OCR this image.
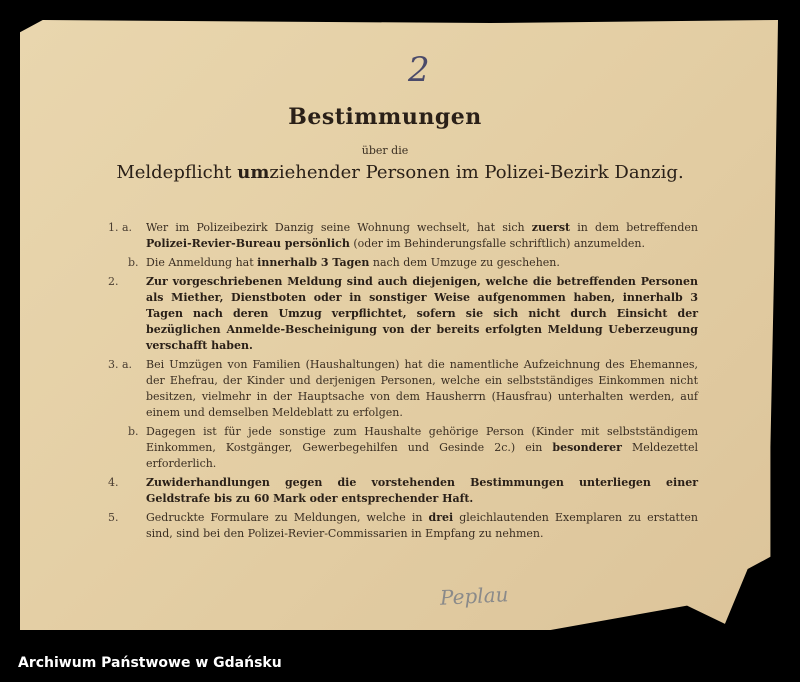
2
Bestimmungen
über die
Meldepflicht umziehender Personen im Polizei-Bezirk Danzig.
1. a.	Wer im Polizeibezirk Danzig seine Wohnung wechselt, hat sich zuerst in dem betreffenden Polizei-Revier-Bureau persönlich (oder im Behinderungsfalle schriftlich) anzumelden.
b. Die Anmeldung hat innerhalb 3 Tagen nach dem Umzuge zu geschehen.
2.	Zur vorgeschriebenen Meldung sind auch diejenigen, welche die betreffenden Personen als Miether, Dienstboten oder in sonstiger Weise aufgenommen haben, innerhalb 3 Tagen nach deren Umzug verpflichtet, sofern sie sich nicht durch Einsicht der bezüglichen Anmelde-Bescheinigung von der bereits erfolgten Meldung Ueberzeugung verschafft haben.
3. a.	Bei Umzügen von Familien (Haushaltungen) hat die namentliche Aufzeichnung des Ehemannes, der Ehefrau, der Kinder und derjenigen Personen, welche ein selbstständiges Einkommen nicht besitzen, vielmehr in der Hauptsache von dem Hausherrn (Hausfrau) unterhalten werden, auf einem und demselben Meldeblatt zu erfolgen.
b. Dagegen ist für jede sonstige zum Haushalte gehörige Person (Kinder mit selbstständigem Einkommen, Kostgänger, Gewerbegehilfen und Gesinde 2c.) ein besonderer Meldezettel erforderlich.
4.	Zuwiderhandlungen gegen die vorstehenden Bestimmungen unterliegen einer Geldstrafe bis zu 60 Mark oder entsprechender Haft.
5.	Gedruckte Formulare zu Meldungen, welche in drei gleichlautenden Exemplaren zu erstatten sind, sind bei den Polizei-Revier-Commissarien in Empfang zu nehmen.
Peplau
Archiwum Państwowe w Gdańsku
